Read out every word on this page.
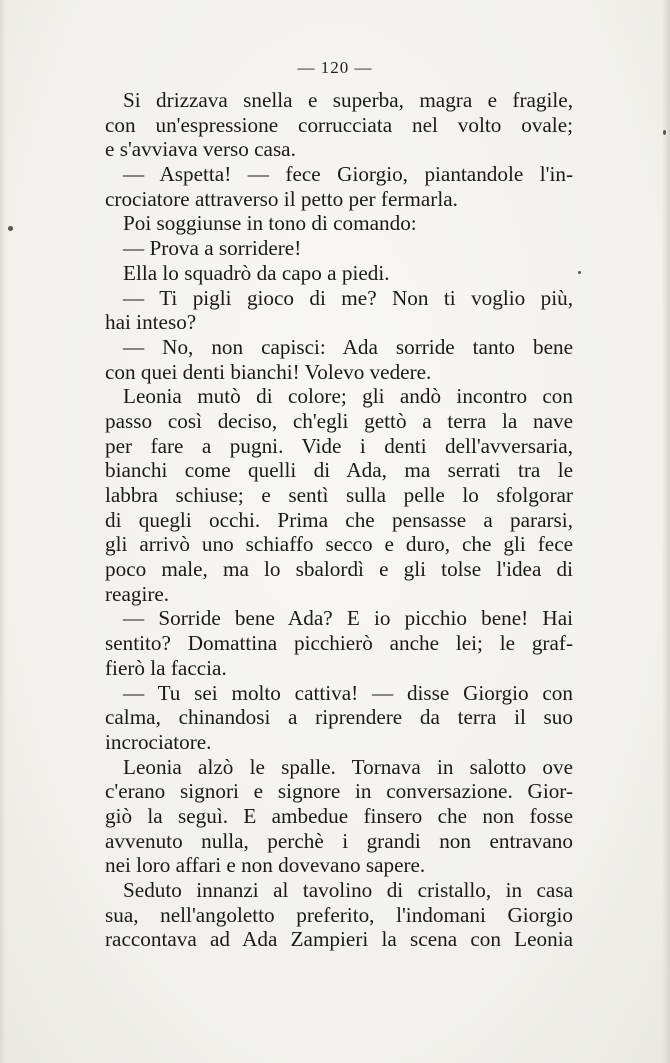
— 120 —
Si drizzava snella e superba, magra e fragile,
con un'espressione corrucciata nel volto ovale;
e s'avviava verso casa.
— Aspetta! — fece Giorgio, piantandole l'in-
crociatore attraverso il petto per fermarla.
Poi soggiunse in tono di comando:
— Prova a sorridere!
Ella lo squadrò da capo a piedi.
— Ti pigli gioco di me? Non ti voglio più,
hai inteso?
— No, non capisci: Ada sorride tanto bene
con quei denti bianchi! Volevo vedere.
Leonia mutò di colore; gli andò incontro con
passo così deciso, ch'egli gettò a terra la nave
per fare a pugni. Vide i denti dell'avversaria,
bianchi come quelli di Ada, ma serrati tra le
labbra schiuse; e sentì sulla pelle lo sfolgorar
di quegli occhi. Prima che pensasse a pararsi,
gli arrivò uno schiaffo secco e duro, che gli fece
poco male, ma lo sbalordì e gli tolse l'idea di
reagire.
— Sorride bene Ada? E io picchio bene! Hai
sentito? Domattina picchierò anche lei; le graf-
fierò la faccia.
— Tu sei molto cattiva! — disse Giorgio con
calma, chinandosi a riprendere da terra il suo
incrociatore.
Leonia alzò le spalle. Tornava in salotto ove
c'erano signori e signore in conversazione. Gior-
giò la seguì. E ambedue finsero che non fosse
avvenuto nulla, perchè i grandi non entravano
nei loro affari e non dovevano sapere.
Seduto innanzi al tavolino di cristallo, in casa
sua, nell'angoletto preferito, l'indomani Giorgio
raccontava ad Ada Zampieri la scena con Leonia
